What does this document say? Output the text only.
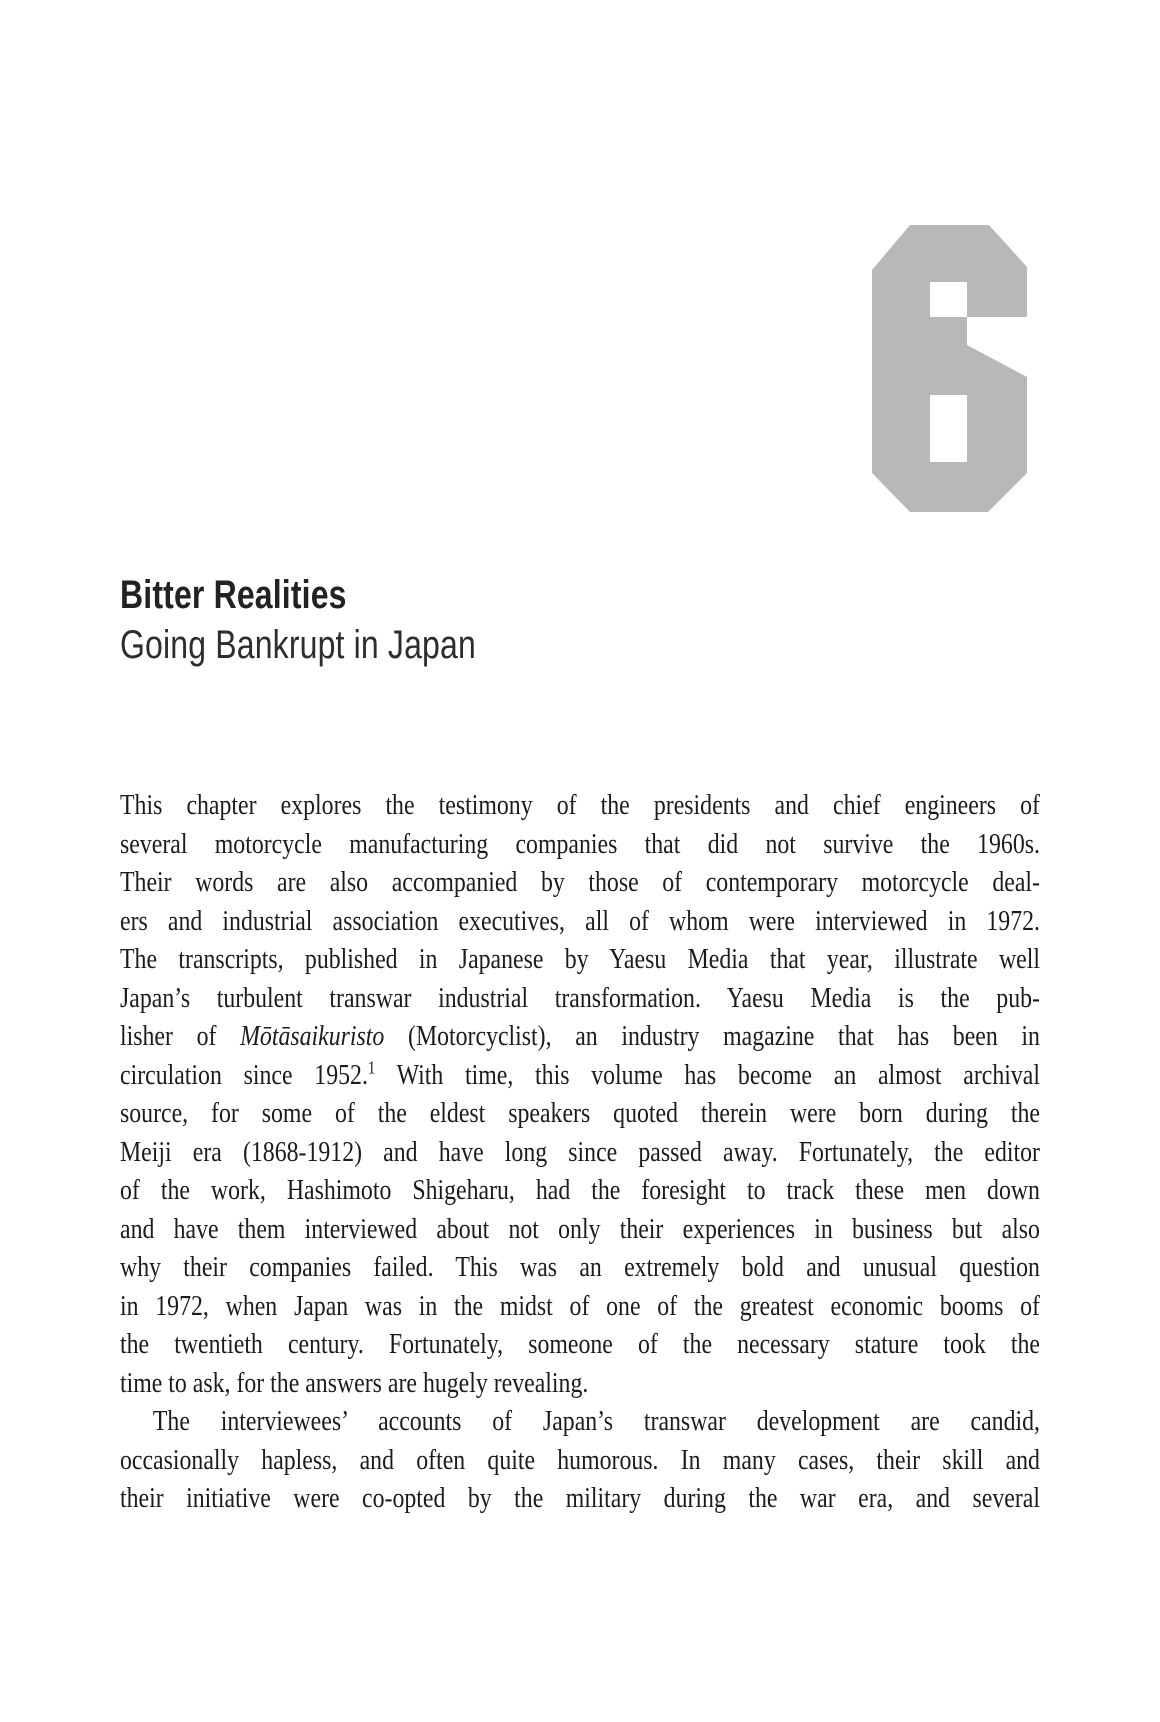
Bitter Realities
Going Bankrupt in Japan
This chapter explores the testimony of the presidents and chief engineers of
several motorcycle manufacturing companies that did not survive the 1960s.
Their words are also accompanied by those of contemporary motorcycle deal-
ers and industrial association executives, all of whom were interviewed in 1972.
The transcripts, published in Japanese by Yaesu Media that year, illustrate well
Japan’s turbulent transwar industrial transformation. Yaesu Media is the pub-
lisher of Mōtāsaikuristo (Motorcyclist), an industry magazine that has been in
circulation since 1952.$^1$ With time, this volume has become an almost archival
source, for some of the eldest speakers quoted therein were born during the
Meiji era (1868-1912) and have long since passed away. Fortunately, the editor
of the work, Hashimoto Shigeharu, had the foresight to track these men down
and have them interviewed about not only their experiences in business but also
why their companies failed. This was an extremely bold and unusual question
in 1972, when Japan was in the midst of one of the greatest economic booms of
the twentieth century. Fortunately, someone of the necessary stature took the
time to ask, for the answers are hugely revealing.
The interviewees’ accounts of Japan’s transwar development are candid,
occasionally hapless, and often quite humorous. In many cases, their skill and
their initiative were co-opted by the military during the war era, and several
